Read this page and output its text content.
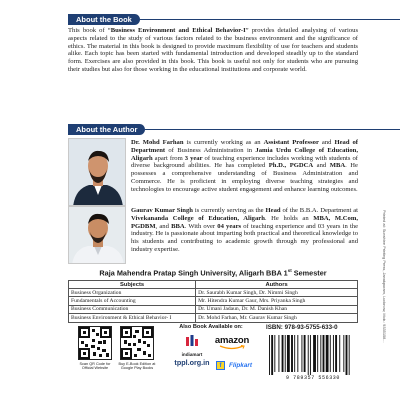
About the Book
This book of “Business Environment and Ethical Behavior-I” provides detailed analysing of various aspects related to the study of various factors related to the business environment and the significance of ethics. The material in this book is designed to provide maximum flexibility of use for teachers and students alike. Each topic has been started with fundamental introduction and developed steadily up to the standard form. Exercises are also provided in this book. This book is useful not only for students who are pursuing their studies but also for those working in the educational institutions and corporate world.
About the Author
Dr. Mohd Farhan is currently working as an Assistant Professor and Head of Department of Business Administration in Jamia Urdu College of Education, Aligarh apart from 3 year of teaching experience includes working with students of diverse background abilities. He has completed Ph.D., PGDCA and MBA. He possesses a comprehensive understanding of Business Administration and Commerce. He is proficient in employing diverse teaching strategies and technologies to encourage active student engagement and enhance learning outcomes.
Gaurav Kumar Singh is currently serving as the Head of the B.B.A. Department at Vivekananda College of Education, Aligarh. He holds an MBA, M.Com, PGDBM, and BBA. With over 04 years of teaching experience and 03 years in the industry. He is passionate about imparting both practical and theoretical knowledge to his students and contributing to academic growth through my professional and industry expertise.
Raja Mahendra Pratap Singh University, Aligarh BBA 1st Semester
Subjects	Authors
Business Organization	Dr. Saurabh Kumar Singh, Dr. Nimmi Singh
Fundamentals of Accounting	Mr. Hitendra Kumar Gaur, Mrs. Priyanka Singh
Business Communication	Dr. Umani Jadaun, Dr. M. Danish Khan
Business Environment & Ethical Behavior- I	Dr. Mohd Farhan, Mr. Gaurav Kumar Singh	Printed at: Sunshine Printing Press, Janakpuram, Lucknow, Mob.: 9335158...
Scan QR Code for
Official Website
Buy E-Book Edition at
Google Play Books
Also Book Available on:
indiamart
amazon
tppl.org.in	f Flipkart
ISBN: 978-93-5755-633-0
9 789357 556330
